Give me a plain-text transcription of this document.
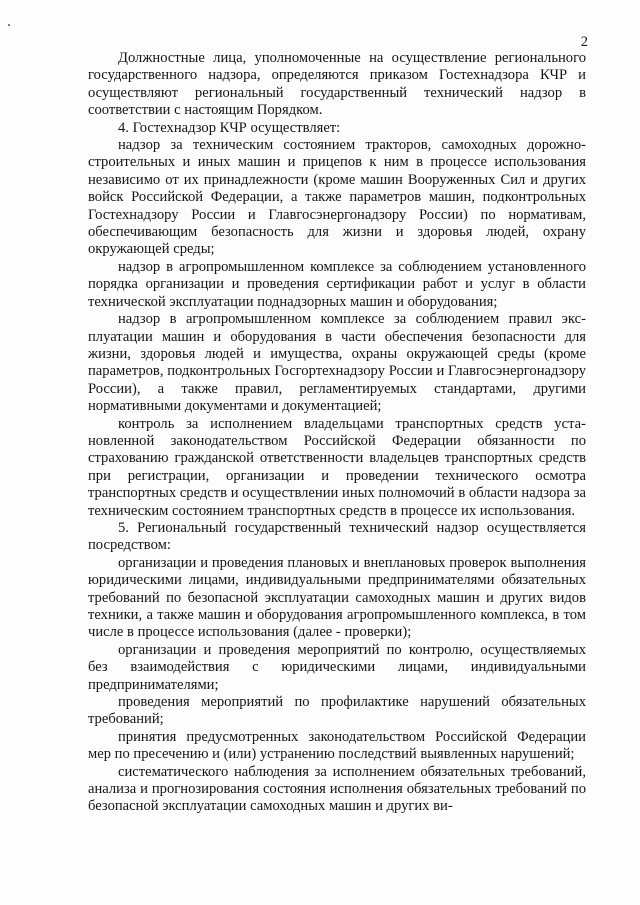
2

Должностные лица, уполномоченные на осуществление регионального государственного надзора, определяются приказом Гостехнадзора КЧР и осуществляют региональный государственный технический надзор в соответствии с настоящим Порядком.

4. Гостехнадзор КЧР осуществляет:

надзор за техническим состоянием тракторов, самоходных дорожностроительных и иных машин и прицепов к ним в процессе использования независимо от их принадлежности (кроме машин Вооруженных Сил и других войск Российской Федерации, а также параметров машин, подконтрольных Гостехнадзору России и Главгосэнергонадзору России) по нормативам, обеспечивающим безопасность для жизни и здоровья людей, охрану окружающей среды;

надзор в агропромышленном комплексе за соблюдением установленного порядка организации и проведения сертификации работ и услуг в области технической эксплуатации поднадзорных машин и оборудования;

надзор в агропромышленном комплексе за соблюдением правил эксплуатации машин и оборудования в части обеспечения безопасности для жизни, здоровья людей и имущества, охраны окружающей среды (кроме параметров, подконтрольных Госгортехнадзору России и Главгосэнергонадзору России), а также правил, регламентируемых стандартами, другими нормативными документами и документацией;

контроль за исполнением владельцами транспортных средств установленной законодательством Российской Федерации обязанности по страхованию гражданской ответственности владельцев транспортных средств при регистрации, организации и проведении технического осмотра транспортных средств и осуществлении иных полномочий в области надзора за техническим состоянием транспортных средств в процессе их использования.

5. Региональный государственный технический надзор осуществляется посредством:

организации и проведения плановых и внеплановых проверок выполнения юридическими лицами, индивидуальными предпринимателями обязательных требований по безопасной эксплуатации самоходных машин и других видов техники, а также машин и оборудования агропромышленного комплекса, в том числе в процессе использования (далее - проверки);

организации и проведения мероприятий по контролю, осуществляемых без взаимодействия с юридическими лицами, индивидуальными предпринимателями;

проведения мероприятий по профилактике нарушений обязательных требований;

принятия предусмотренных законодательством Российской Федерации мер по пресечению и (или) устранению последствий выявленных нарушений;

систематического наблюдения за исполнением обязательных требований, анализа и прогнозирования состояния исполнения обязательных требований по безопасной эксплуатации самоходных машин и других ви-
